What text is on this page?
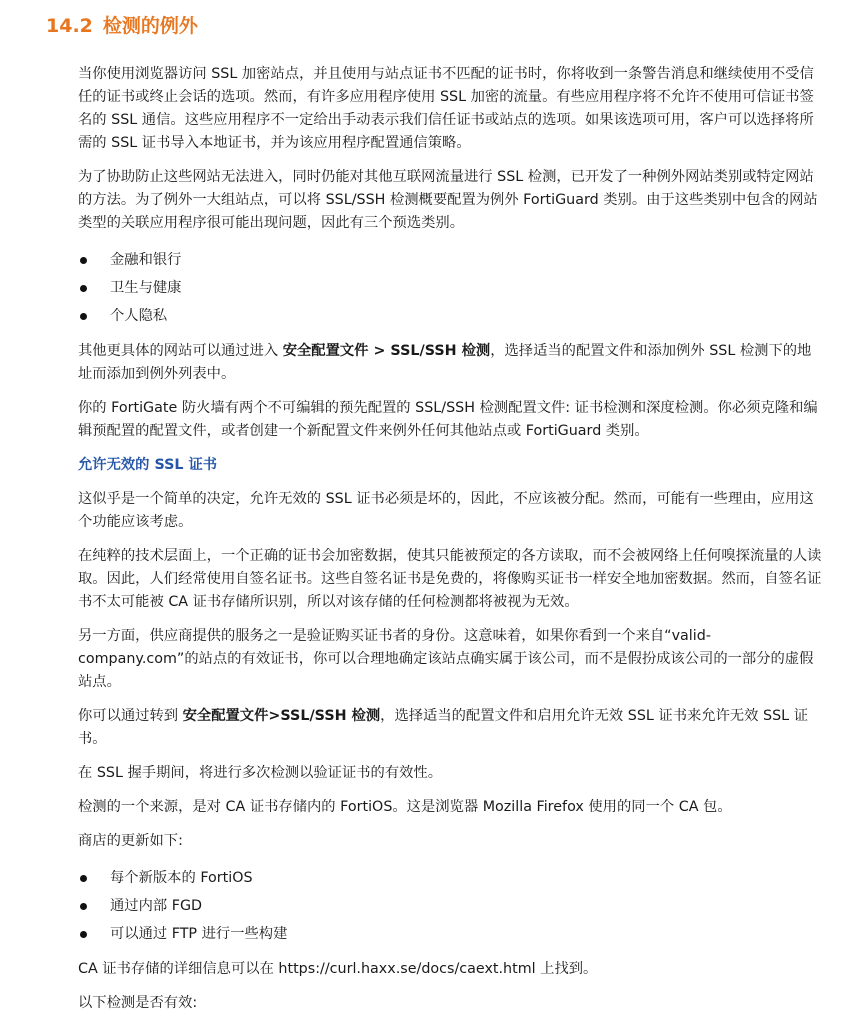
14.2 检测的例外

当你使用浏览器访问 SSL 加密站点，并且使用与站点证书不匹配的证书时，你将收到一条警告消息和继续使用不受信任的证书或终止会话的选项。然而，有许多应用程序使用 SSL 加密的流量。有些应用程序将不允许不使用可信证书签名的 SSL 通信。这些应用程序不一定给出手动表示我们信任证书或站点的选项。如果该选项可用，客户可以选择将所需的 SSL 证书导入本地证书，并为该应用程序配置通信策略。

为了协助防止这些网站无法进入，同时仍能对其他互联网流量进行 SSL 检测，已开发了一种例外网站类别或特定网站的方法。为了例外一大组站点，可以将 SSL/SSH 检测概要配置为例外 FortiGuard 类别。由于这些类别中包含的网站类型的关联应用程序很可能出现问题，因此有三个预选类别。

金融和银行
卫生与健康
个人隐私

其他更具体的网站可以通过进入 安全配置文件 > SSL/SSH 检测，选择适当的配置文件和添加例外 SSL 检测下的地址而添加到例外列表中。

你的 FortiGate 防火墙有两个不可编辑的预先配置的 SSL/SSH 检测配置文件: 证书检测和深度检测。你必须克隆和编辑预配置的配置文件，或者创建一个新配置文件来例外任何其他站点或 FortiGuard 类别。

允许无效的 SSL 证书

这似乎是一个简单的决定，允许无效的 SSL 证书必须是坏的，因此，不应该被分配。然而，可能有一些理由，应用这个功能应该考虑。

在纯粹的技术层面上，一个正确的证书会加密数据，使其只能被预定的各方读取，而不会被网络上任何嗅探流量的人读取。因此，人们经常使用自签名证书。这些自签名证书是免费的，将像购买证书一样安全地加密数据。然而，自签名证书不太可能被 CA 证书存储所识别，所以对该存储的任何检测都将被视为无效。

另一方面，供应商提供的服务之一是验证购买证书者的身份。这意味着，如果你看到一个来自“valid-company.com”的站点的有效证书，你可以合理地确定该站点确实属于该公司，而不是假扮成该公司的一部分的虚假站点。

你可以通过转到 安全配置文件>SSL/SSH 检测，选择适当的配置文件和启用允许无效 SSL 证书来允许无效 SSL 证书。

在 SSL 握手期间，将进行多次检测以验证证书的有效性。

检测的一个来源，是对 CA 证书存储内的 FortiOS。这是浏览器 Mozilla Firefox 使用的同一个 CA 包。

商店的更新如下:

每个新版本的 FortiOS
通过内部 FGD
可以通过 FTP 进行一些构建

CA 证书存储的详细信息可以在 https://curl.haxx.se/docs/caext.html 上找到。

以下检测是否有效:
